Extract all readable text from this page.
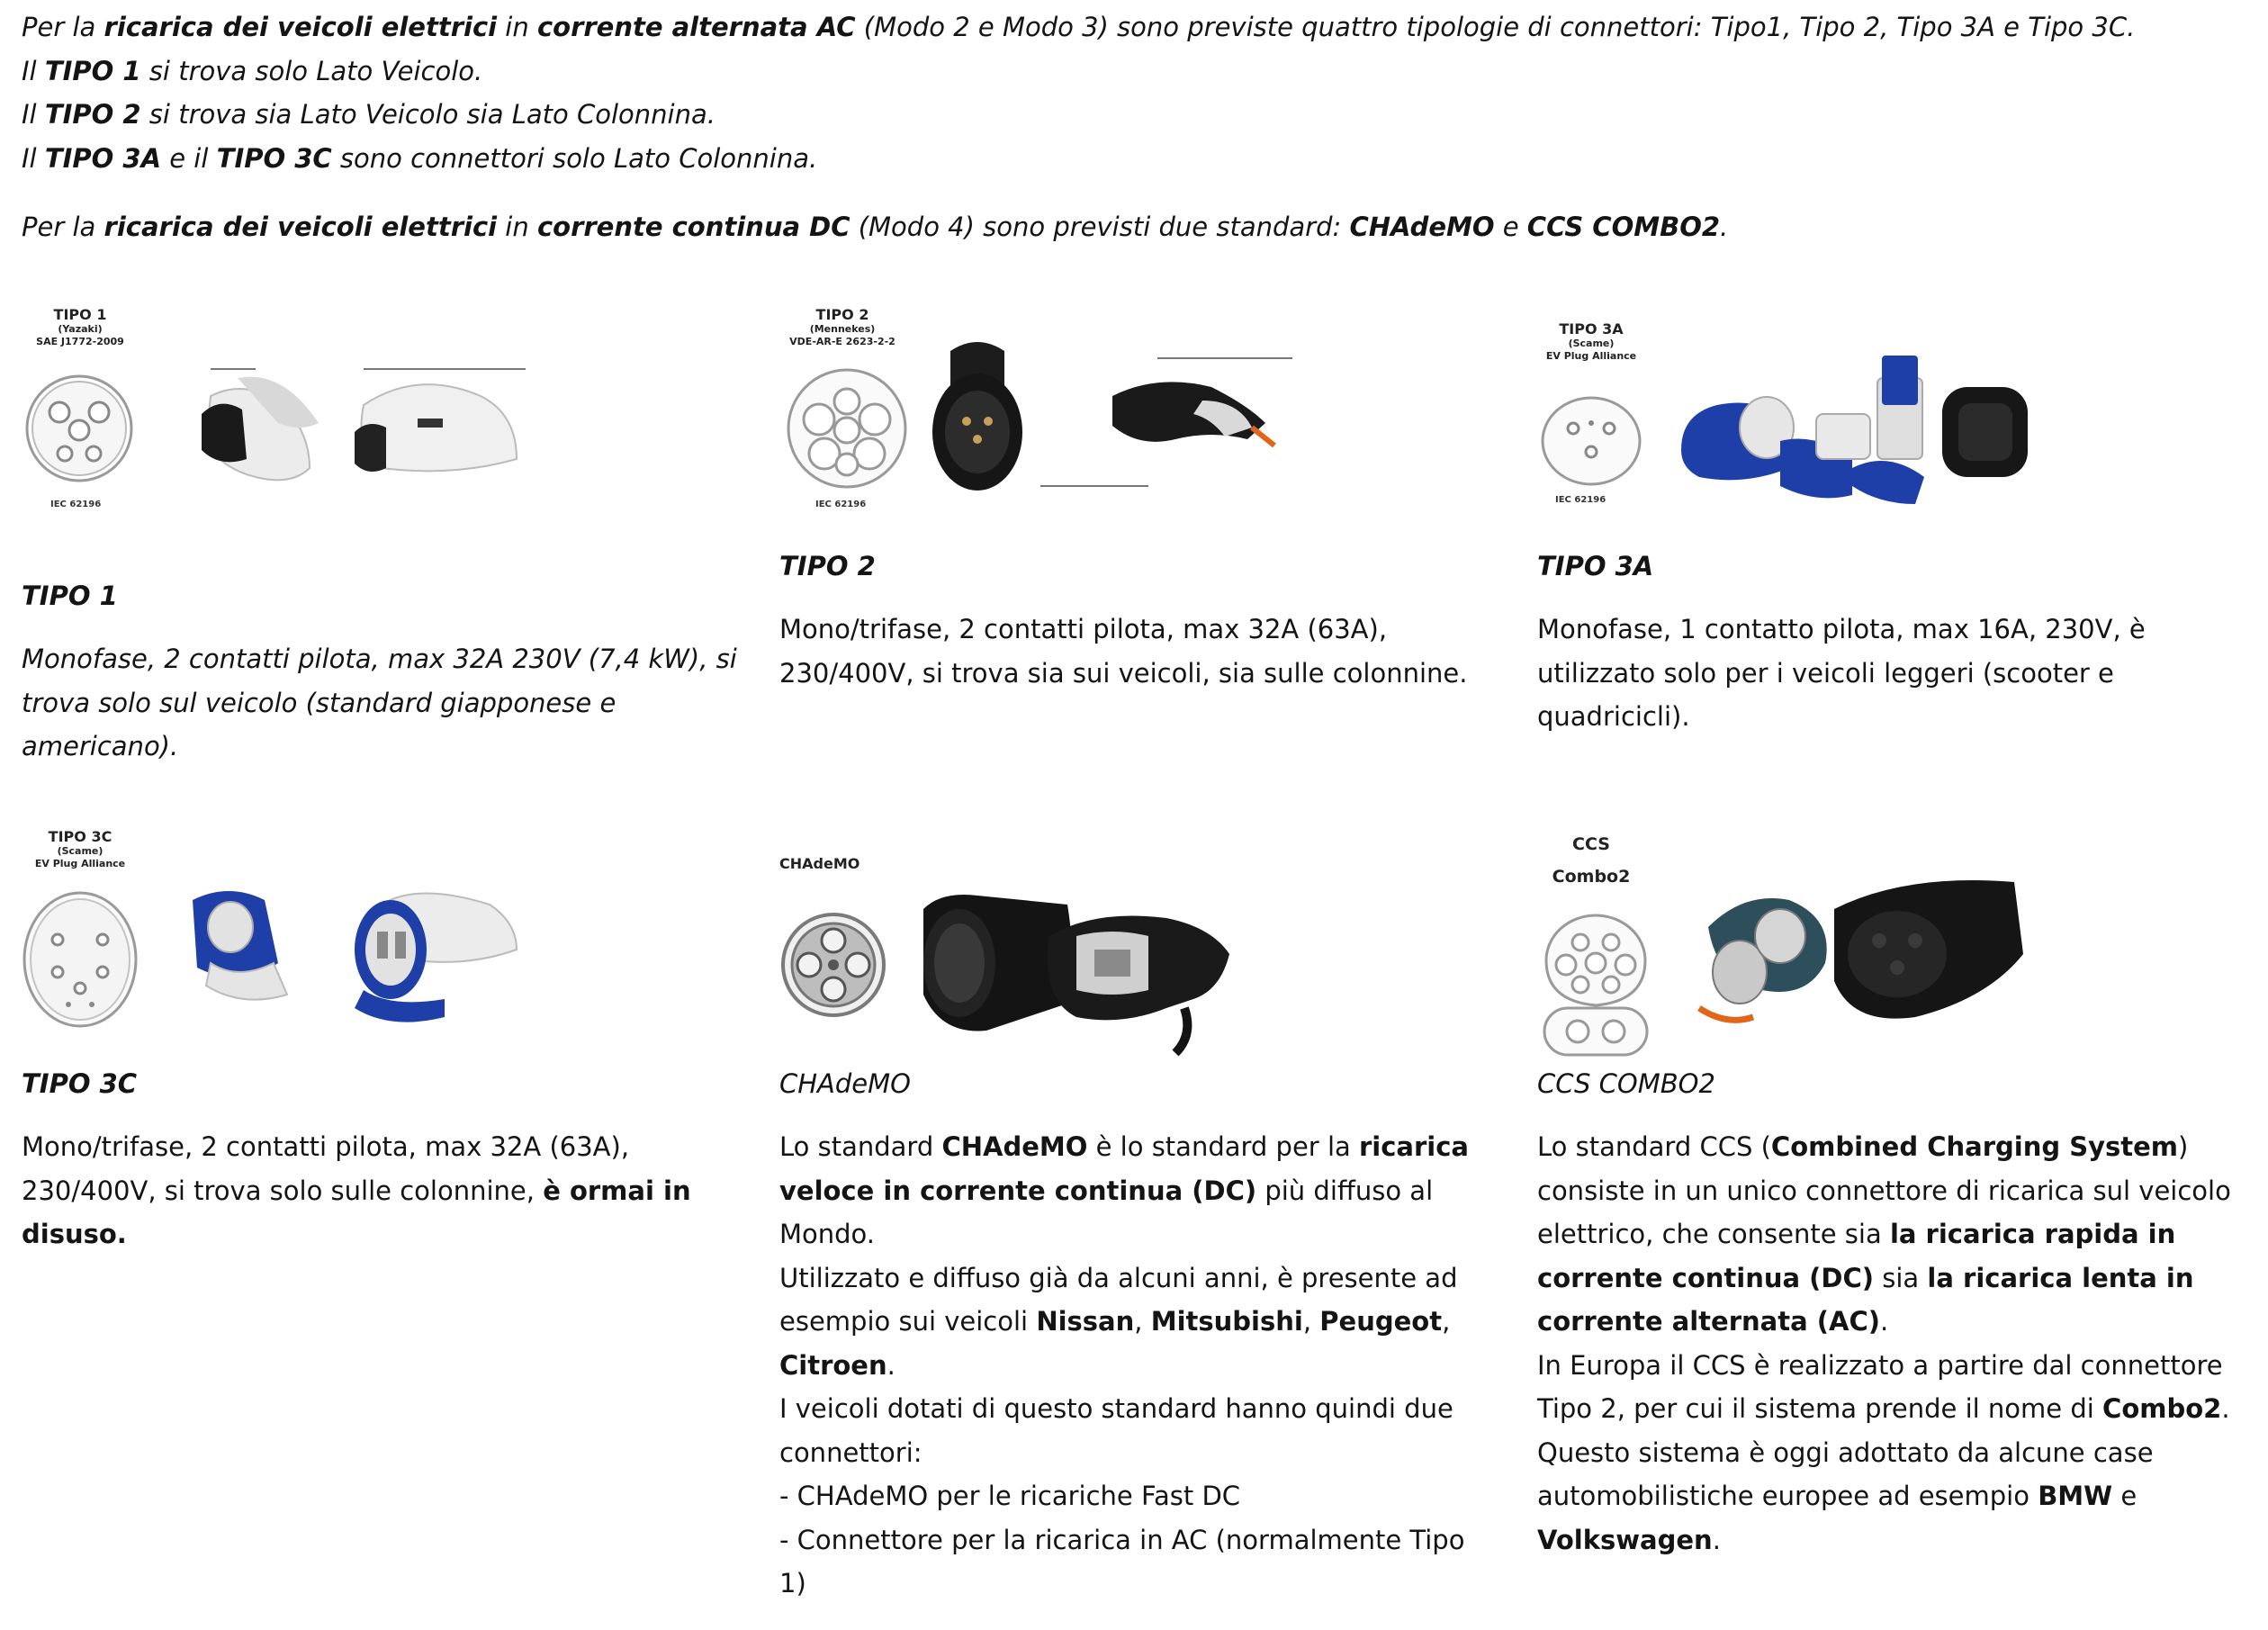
Per la ricarica dei veicoli elettrici in corrente alternata AC (Modo 2 e Modo 3) sono previste quattro tipologie di connettori: Tipo1, Tipo 2, Tipo 3A e Tipo 3C.

Il TIPO 1 si trova solo Lato Veicolo.

Il TIPO 2 si trova sia Lato Veicolo sia Lato Colonnina.

Il TIPO 3A e il TIPO 3C sono connettori solo Lato Colonnina.

Per la ricarica dei veicoli elettrici in corrente continua DC (Modo 4) sono previsti due standard: CHAdeMO e CCS COMBO2.

TIPO 1
(Yazaki)
SAE J1772-2009
IEC 62196

TIPO 1

Monofase, 2 contatti pilota, max 32A 230V (7,4 kW), si trova solo sul veicolo (standard giapponese e americano).

TIPO 2
(Mennekes)
VDE-AR-E 2623-2-2
IEC 62196

TIPO 2

Mono/trifase, 2 contatti pilota, max 32A (63A), 230/400V, si trova sia sui veicoli, sia sulle colonnine.

TIPO 3A
(Scame)
EV Plug Alliance
IEC 62196

TIPO 3A

Monofase, 1 contatto pilota, max 16A, 230V, è utilizzato solo per i veicoli leggeri (scooter e quadricicli).

TIPO 3C
(Scame)
EV Plug Alliance

TIPO 3C

Mono/trifase, 2 contatti pilota, max 32A (63A), 230/400V, si trova solo sulle colonnine, è ormai in disuso.

CHAdeMO

CHAdeMO

Lo standard CHAdeMO è lo standard per la ricarica veloce in corrente continua (DC) più diffuso al Mondo.

Utilizzato e diffuso già da alcuni anni, è presente ad esempio sui veicoli Nissan, Mitsubishi, Peugeot, Citroen.

I veicoli dotati di questo standard hanno quindi due connettori:

- CHAdeMO per le ricariche Fast DC

- Connettore per la ricarica in AC (normalmente Tipo 1)

CCS
Combo2

CCS COMBO2

Lo standard CCS (Combined Charging System) consiste in un unico connettore di ricarica sul veicolo elettrico, che consente sia la ricarica rapida in corrente continua (DC) sia la ricarica lenta in corrente alternata (AC).

In Europa il CCS è realizzato a partire dal connettore Tipo 2, per cui il sistema prende il nome di Combo2.

Questo sistema è oggi adottato da alcune case automobilistiche europee ad esempio BMW e Volkswagen.
